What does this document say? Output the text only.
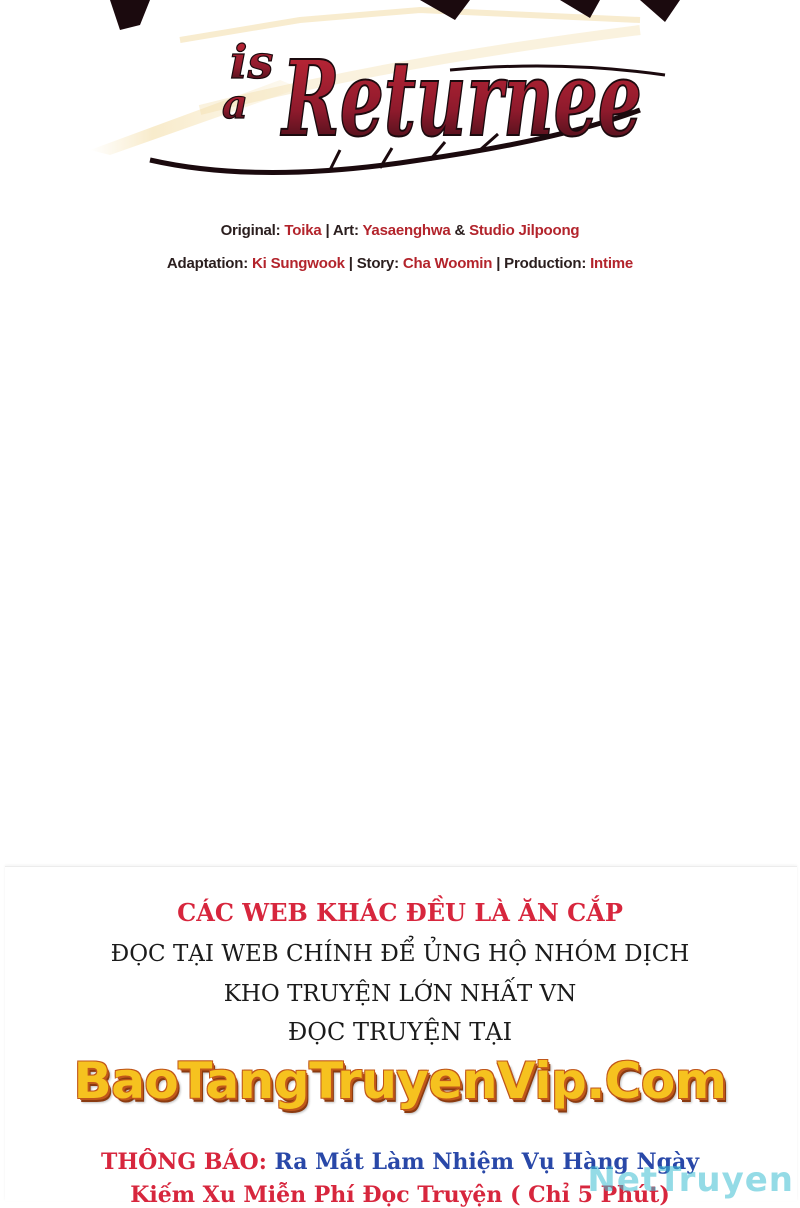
is
a Returnee
Original: Toika | Art: Yasaenghwa & Studio Jilpoong
Adaptation: Ki Sungwook | Story: Cha Woomin | Production: Intime
CÁC WEB KHÁC ĐỀU LÀ ĂN CẮP
ĐỌC TẠI WEB CHÍNH ĐỂ ỦNG HỘ NHÓM DỊCH
KHO TRUYỆN LỚN NHẤT VN
ĐỌC TRUYỆN TẠI
BaoTangTruyenVip.Com
THÔNG BÁO: Ra Mắt Làm Nhiệm Vụ Hàng Ngày
Kiếm Xu Miễn Phí Đọc Truyện ( Chỉ 5 Phút)
NetTruyen
